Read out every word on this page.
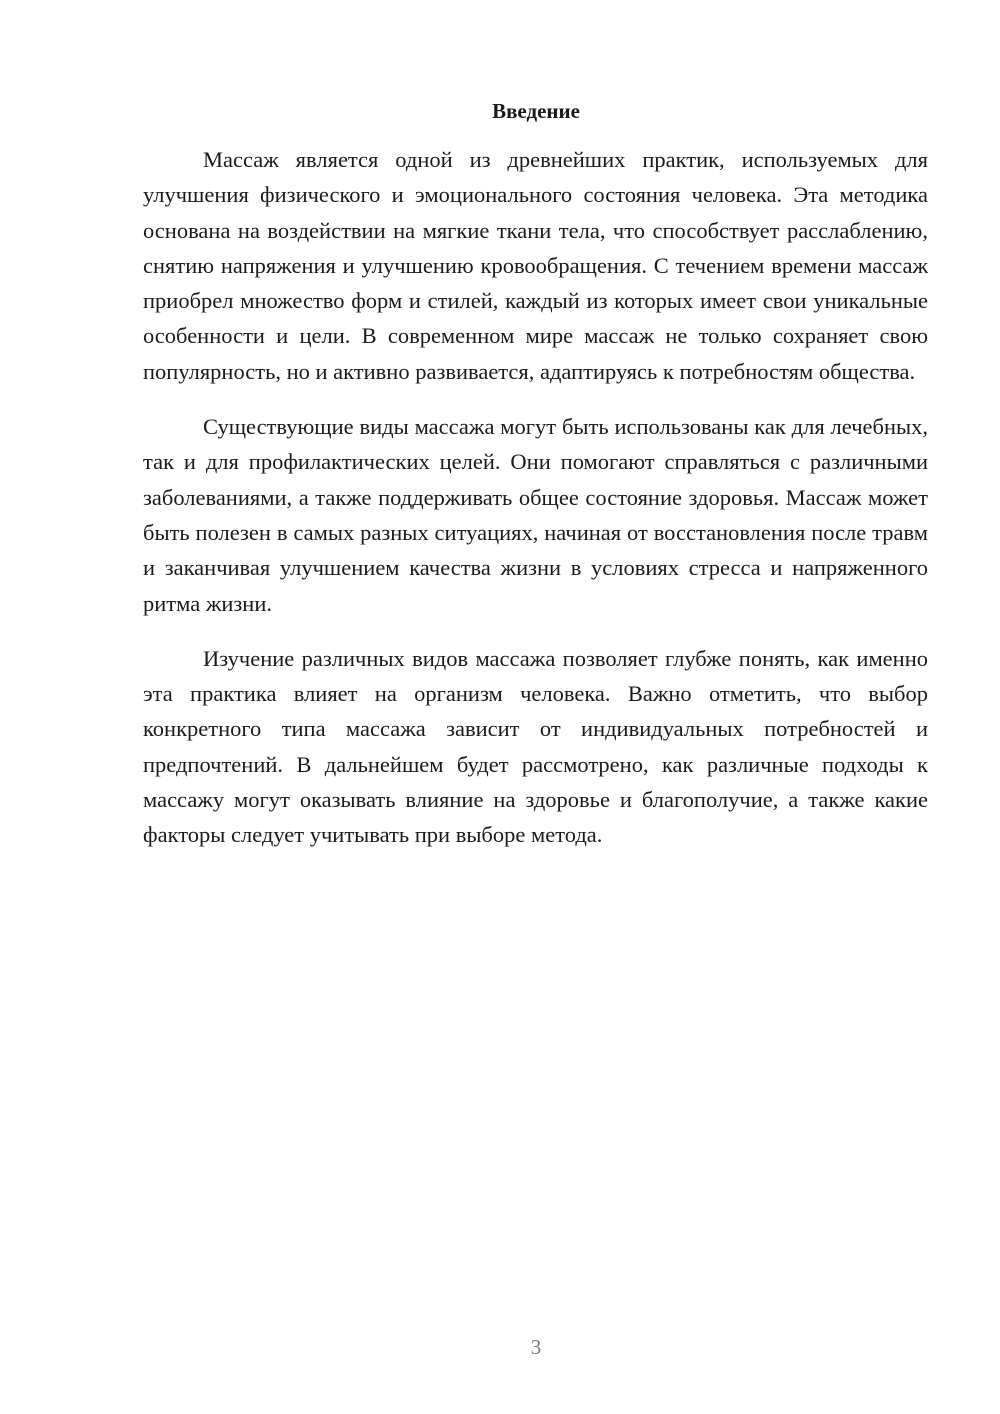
Введение

Массаж является одной из древнейших практик, используемых для улучшения физического и эмоционального состояния человека. Эта методика основана на воздействии на мягкие ткани тела, что способствует расслаблению, снятию напряжения и улучшению кровообращения. С течением времени массаж приобрел множество форм и стилей, каждый из которых имеет свои уникальные особенности и цели. В современном мире массаж не только сохраняет свою популярность, но и активно развивается, адаптируясь к потребностям общества.

Существующие виды массажа могут быть использованы как для лечебных, так и для профилактических целей. Они помогают справляться с различными заболеваниями, а также поддерживать общее состояние здоровья. Массаж может быть полезен в самых разных ситуациях, начиная от восстановления после травм и заканчивая улучшением качества жизни в условиях стресса и напряженного ритма жизни.

Изучение различных видов массажа позволяет глубже понять, как именно эта практика влияет на организм человека. Важно отметить, что выбор конкретного типа массажа зависит от индивидуальных потребностей и предпочтений. В дальнейшем будет рассмотрено, как различные подходы к массажу могут оказывать влияние на здоровье и благополучие, а также какие факторы следует учитывать при выборе метода.

3
